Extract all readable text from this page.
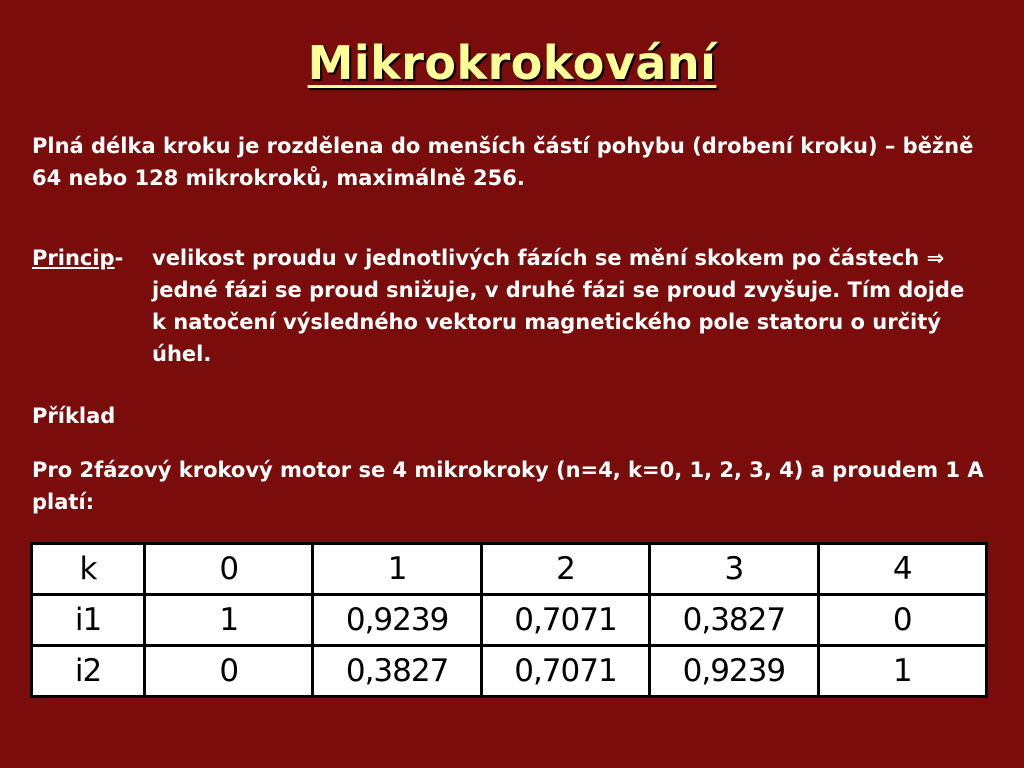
Mikrokrokování
Plná délka kroku je rozdělena do menších částí pohybu (drobení kroku) – běžně 64 nebo 128 mikrokroků, maximálně 256.
Princip- velikost proudu v jednotlivých fázích se mění skokem po částech ⇒ jedné fázi se proud snižuje, v druhé fázi se proud zvyšuje. Tím dojde k natočení výsledného vektoru magnetického pole statoru o určitý úhel.
Příklad
Pro 2fázový krokový motor se 4 mikrokroky (n=4, k=0, 1, 2, 3, 4) a proudem 1 A platí:
k	0	1	2	3	4
i1	1	0,9239	0,7071	0,3827	0
i2	0	0,3827	0,7071	0,9239	1
